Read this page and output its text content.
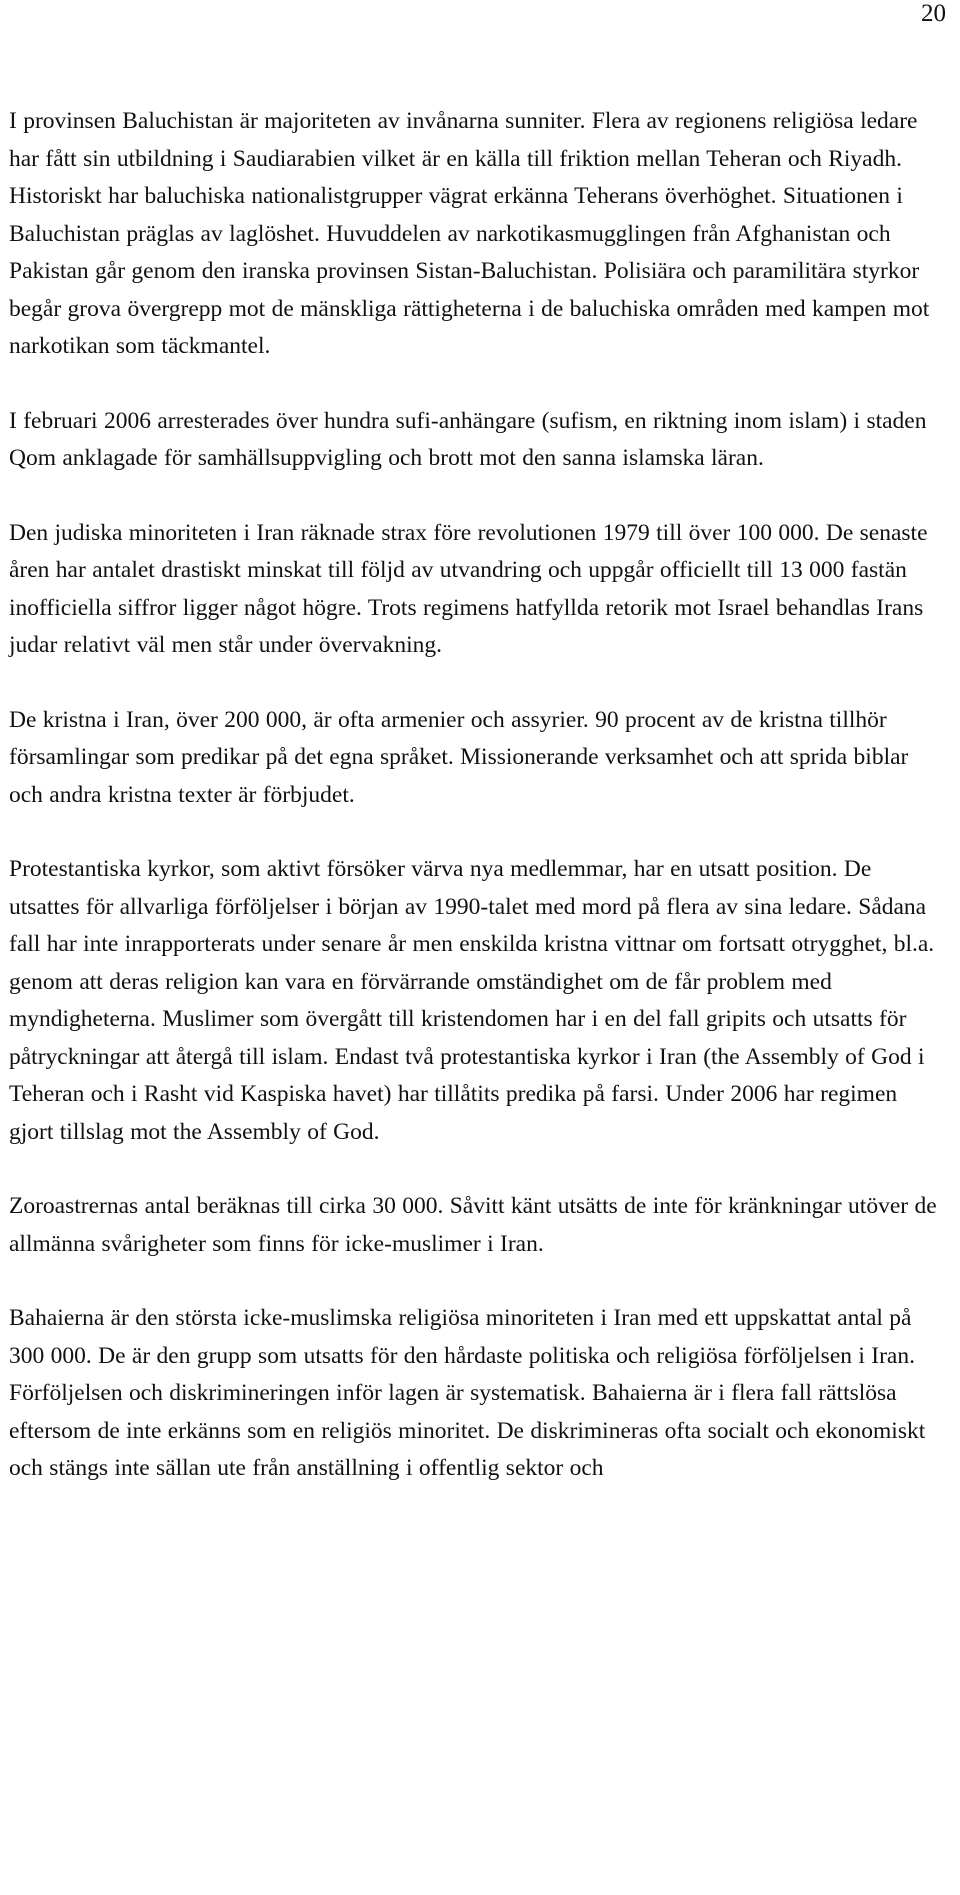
20

I provinsen Baluchistan är majoriteten av invånarna sunniter. Flera av regionens religiösa ledare har fått sin utbildning i Saudiarabien vilket är en källa till friktion mellan Teheran och Riyadh. Historiskt har baluchiska nationalistgrupper vägrat erkänna Teherans överhöghet. Situationen i Baluchistan präglas av laglöshet. Huvuddelen av narkotikasmugglingen från Afghanistan och Pakistan går genom den iranska provinsen Sistan-Baluchistan. Polisiära och paramilitära styrkor begår grova övergrepp mot de mänskliga rättigheterna i de baluchiska områden med kampen mot narkotikan som täckmantel.

I februari 2006 arresterades över hundra sufi-anhängare (sufism, en riktning inom islam) i staden Qom anklagade för samhällsuppvigling och brott mot den sanna islamska läran.

Den judiska minoriteten i Iran räknade strax före revolutionen 1979 till över 100 000. De senaste åren har antalet drastiskt minskat till följd av utvandring och uppgår officiellt till 13 000 fastän inofficiella siffror ligger något högre. Trots regimens hatfyllda retorik mot Israel behandlas Irans judar relativt väl men står under övervakning.

De kristna i Iran, över 200 000, är ofta armenier och assyrier. 90 procent av de kristna tillhör församlingar som predikar på det egna språket. Missionerande verksamhet och att sprida biblar och andra kristna texter är förbjudet.

Protestantiska kyrkor, som aktivt försöker värva nya medlemmar, har en utsatt position. De utsattes för allvarliga förföljelser i början av 1990-talet med mord på flera av sina ledare. Sådana fall har inte inrapporterats under senare år men enskilda kristna vittnar om fortsatt otrygghet, bl.a. genom att deras religion kan vara en förvärrande omständighet om de får problem med myndigheterna. Muslimer som övergått till kristendomen har i en del fall gripits och utsatts för påtryckningar att återgå till islam. Endast två protestantiska kyrkor i Iran (the Assembly of God i Teheran och i Rasht vid Kaspiska havet) har tillåtits predika på farsi. Under 2006 har regimen gjort tillslag mot the Assembly of God.

Zoroastrernas antal beräknas till cirka 30 000. Såvitt känt utsätts de inte för kränkningar utöver de allmänna svårigheter som finns för icke-muslimer i Iran.

Bahaierna är den största icke-muslimska religiösa minoriteten i Iran med ett uppskattat antal på 300 000. De är den grupp som utsatts för den hårdaste politiska och religiösa förföljelsen i Iran. Förföljelsen och diskrimineringen inför lagen är systematisk. Bahaierna är i flera fall rättslösa eftersom de inte erkänns som en religiös minoritet. De diskrimineras ofta socialt och ekonomiskt och stängs inte sällan ute från anställning i offentlig sektor och
